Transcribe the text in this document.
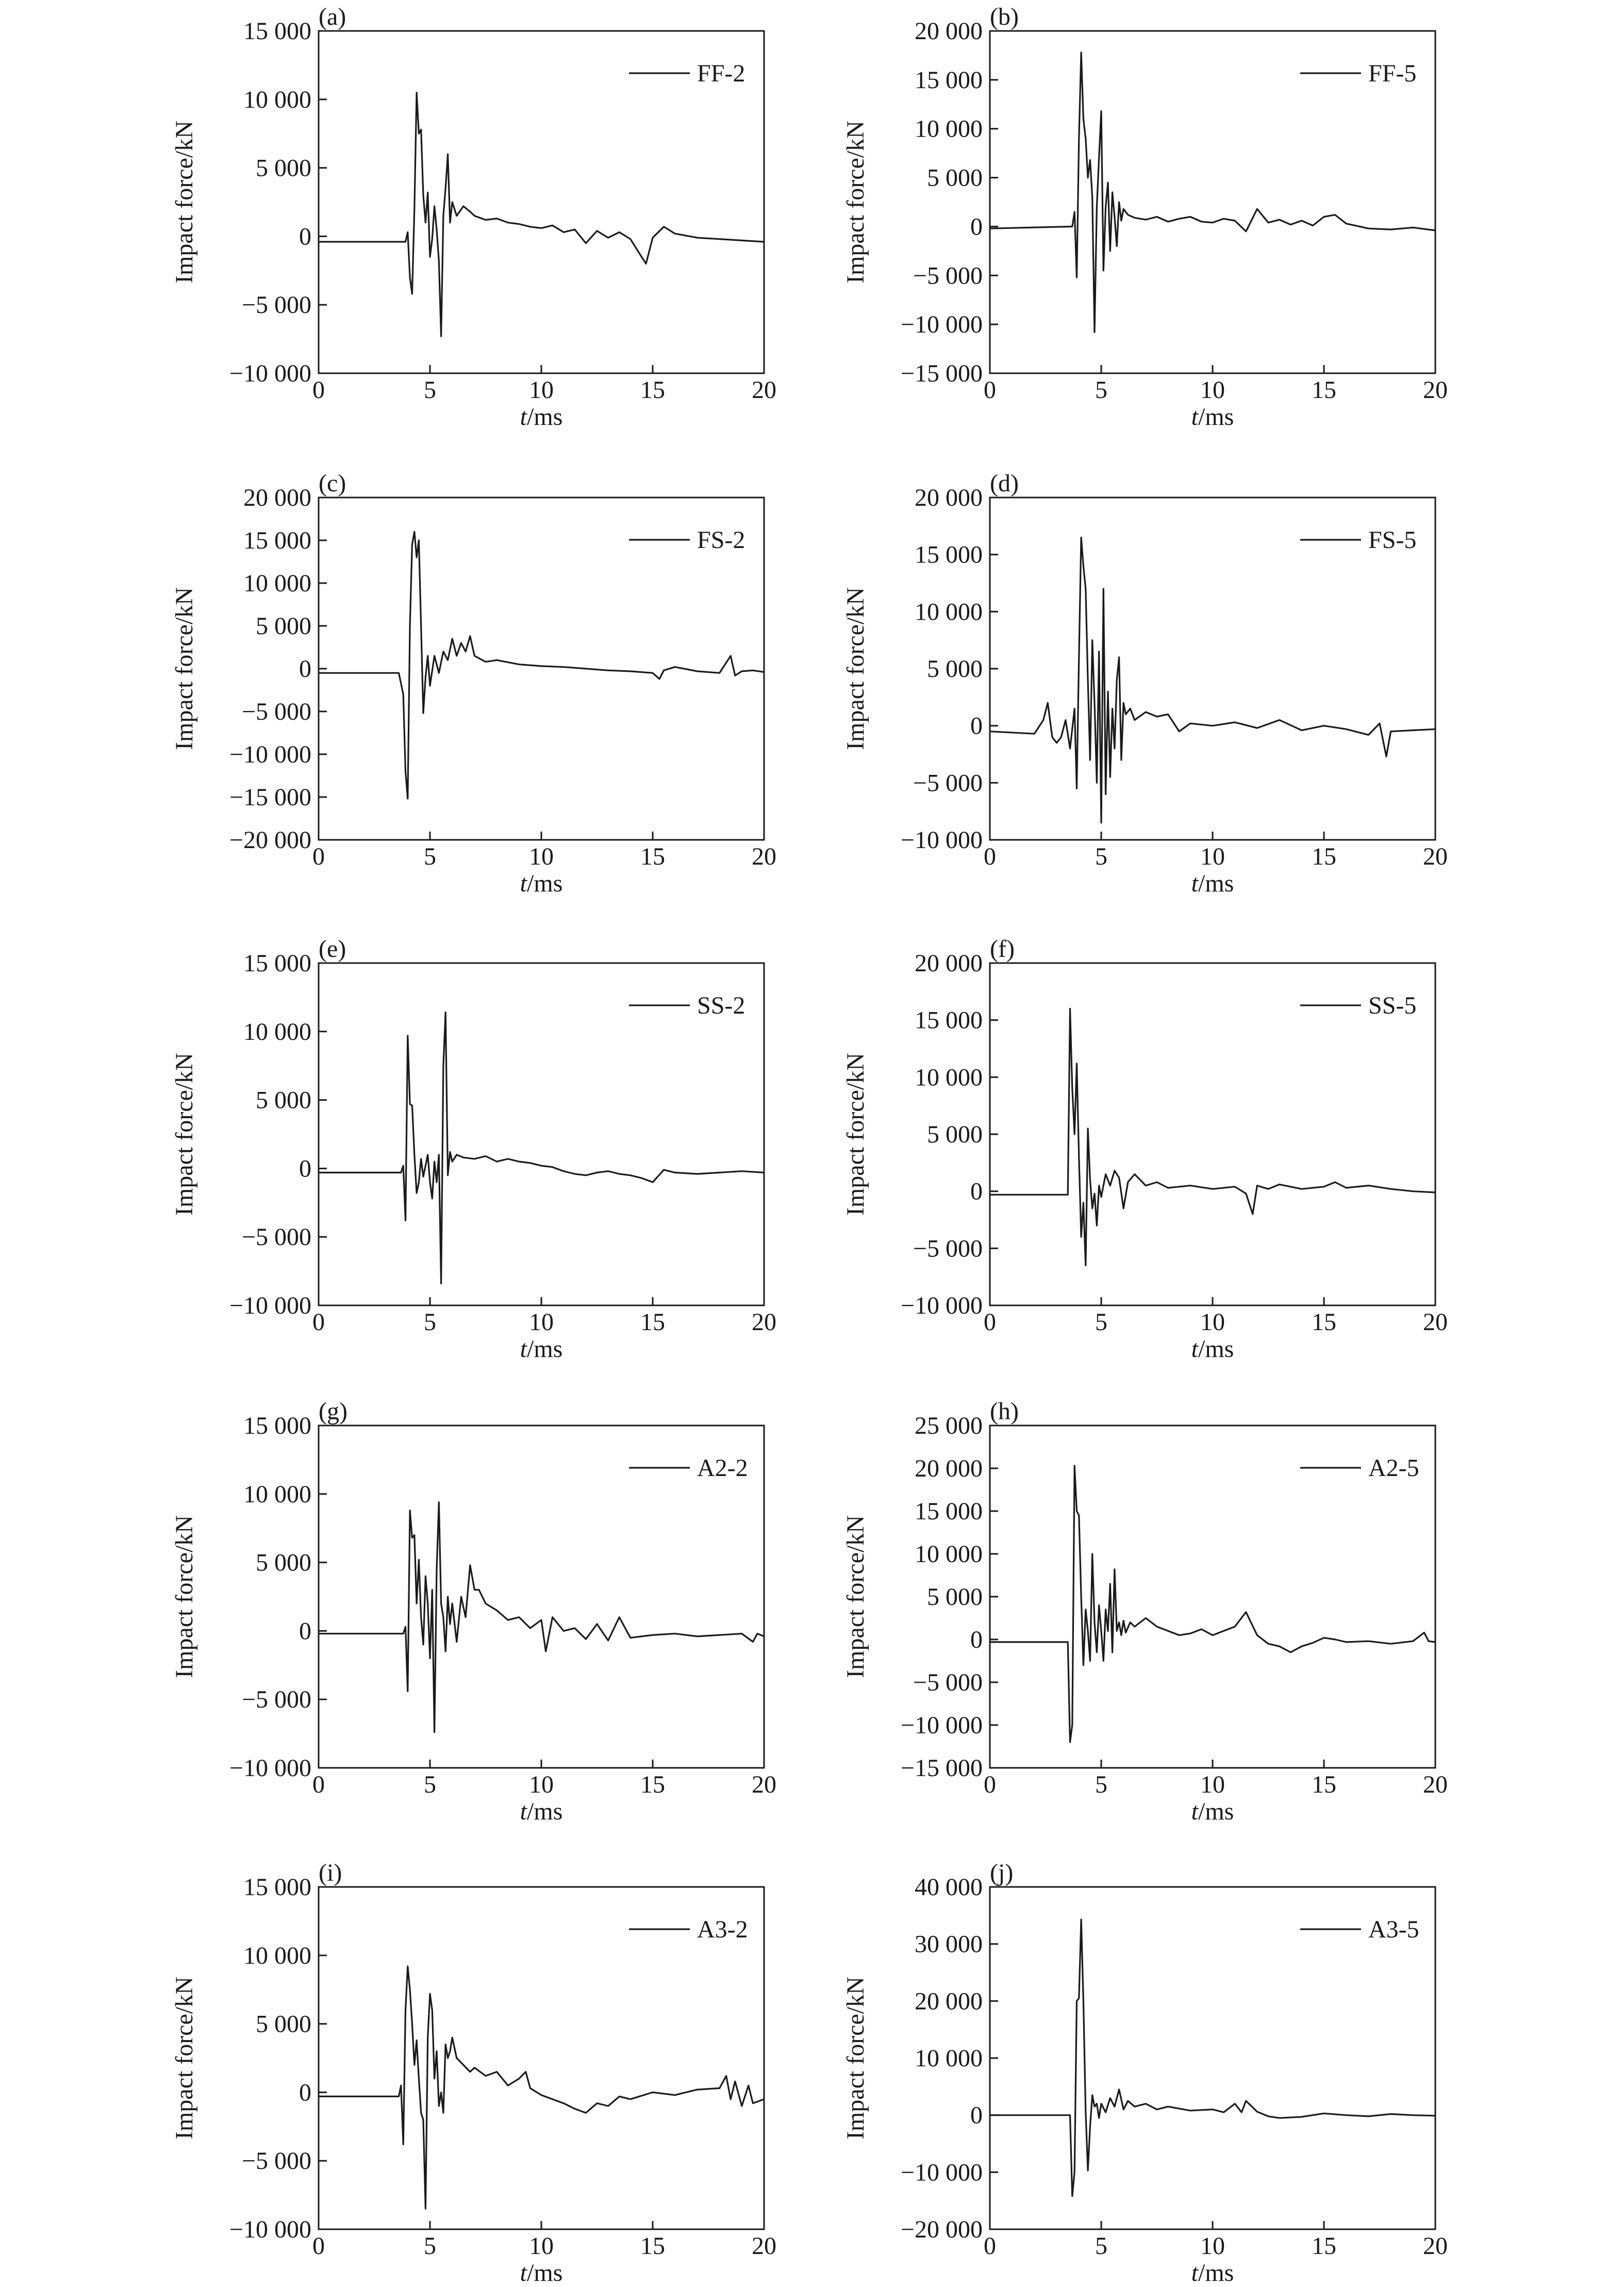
0	5	10	15	20
−10 000
−5 000
0
5 000
10 000
15 000
(a)
t/ms
Impact force/kN
FF-2
0	5	10	15	20
−15 000
−10 000
−5 000
0
5 000
10 000
15 000
20 000
(b)
t/ms
Impact force/kN
FF-5
0	5	10	15	20
−20 000
−15 000
−10 000
−5 000
0
5 000
10 000
15 000
20 000
(c)
t/ms
Impact force/kN
FS-2
0	5	10	15	20
−10 000
−5 000
0
5 000
10 000
15 000
20 000
(d)
t/ms
Impact force/kN
FS-5
0	5	10	15	20
−10 000
−5 000
0
5 000
10 000
15 000
(e)
t/ms
Impact force/kN
SS-2
0	5	10	15	20
−10 000
−5 000
0
5 000
10 000
15 000
20 000
(f)
t/ms
Impact force/kN
SS-5
0	5	10	15	20
−10 000
−5 000
0
5 000
10 000
15 000
(g)
t/ms
Impact force/kN
A2-2
0	5	10	15	20
−15 000
−10 000
−5 000
0
5 000
10 000
15 000
20 000
25 000
(h)
t/ms
Impact force/kN
A2-5
0	5	10	15	20
−10 000
−5 000
0
5 000
10 000
15 000
(i)
t/ms
Impact force/kN
A3-2
0	5	10	15	20
−20 000
−10 000
0
10 000
20 000
30 000
40 000
(j)
t/ms
Impact force/kN
A3-5
